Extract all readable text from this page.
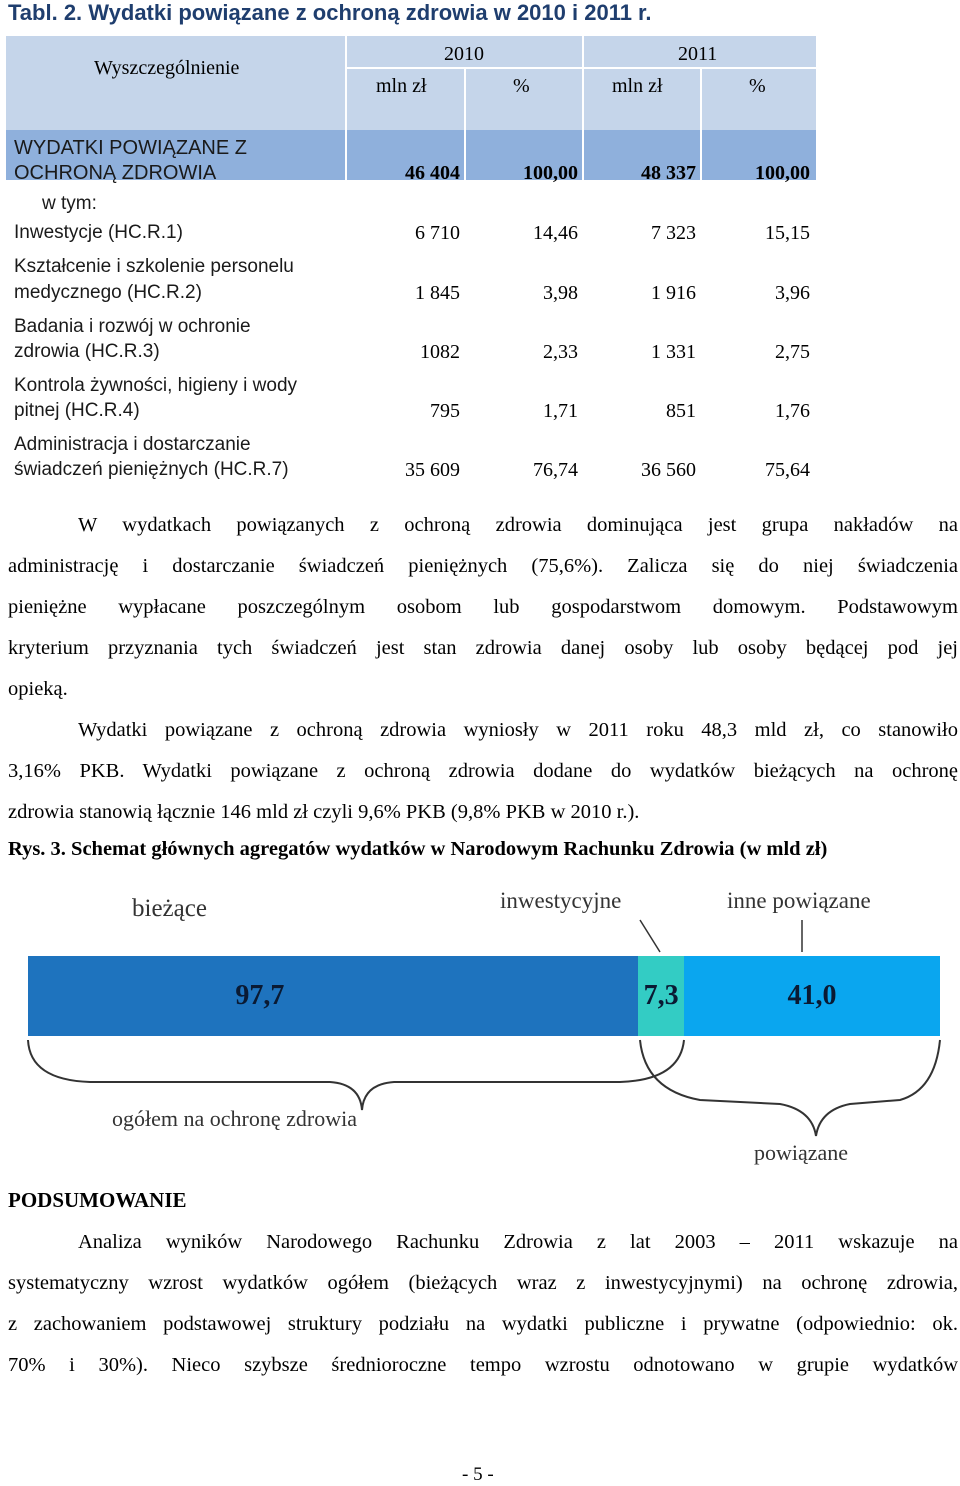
Tabl. 2. Wydatki powiązane z ochroną zdrowia w 2010 i 2011 r.
Wyszczególnienie
2010	2011
mln zł	%	mln zł	%
WYDATKI POWIĄZANE Z
OCHRONĄ ZDROWIA	46 404	100,00	48 337	100,00
w tym:
Inwestycje (HC.R.1)	6 710	14,46	7 323	15,15
Kształcenie i szkolenie personelu
medycznego (HC.R.2)	1 845	3,98	1 916	3,96
Badania i rozwój w ochronie
zdrowia (HC.R.3)	1082	2,33	1 331	2,75
Kontrola żywności, higieny i wody
pitnej (HC.R.4)	795	1,71	851	1,76
Administracja i dostarczanie
świadczeń pieniężnych (HC.R.7)	35 609	76,74	36 560	75,64
W wydatkach powiązanych z ochroną zdrowia dominująca jest grupa nakładów na
administrację i dostarczanie świadczeń pieniężnych (75,6%). Zalicza się do niej świadczenia
pieniężne wypłacane poszczególnym osobom lub gospodarstwom domowym. Podstawowym
kryterium przyznania tych świadczeń jest stan zdrowia danej osoby lub osoby będącej pod jej
opieką.
Wydatki powiązane z ochroną zdrowia wyniosły w 2011 roku 48,3 mld zł, co stanowiło
3,16% PKB. Wydatki powiązane z ochroną zdrowia dodane do wydatków bieżących na ochronę
zdrowia stanowią łącznie 146 mld zł czyli 9,6% PKB (9,8% PKB w 2010 r.).
Rys. 3. Schemat głównych agregatów wydatków w Narodowym Rachunku Zdrowia (w mld zł)
bieżące	inwestycyjne	inne powiązane
97,7	7,3	41,0
ogółem na ochronę zdrowia
powiązane
PODSUMOWANIE
Analiza wyników Narodowego Rachunku Zdrowia z lat 2003 – 2011 wskazuje na
systematyczny wzrost wydatków ogółem (bieżących wraz z inwestycyjnymi) na ochronę zdrowia,
z zachowaniem podstawowej struktury podziału na wydatki publiczne i prywatne (odpowiednio: ok.
70% i 30%). Nieco szybsze średnioroczne tempo wzrostu odnotowano w grupie wydatków
- 5 -
